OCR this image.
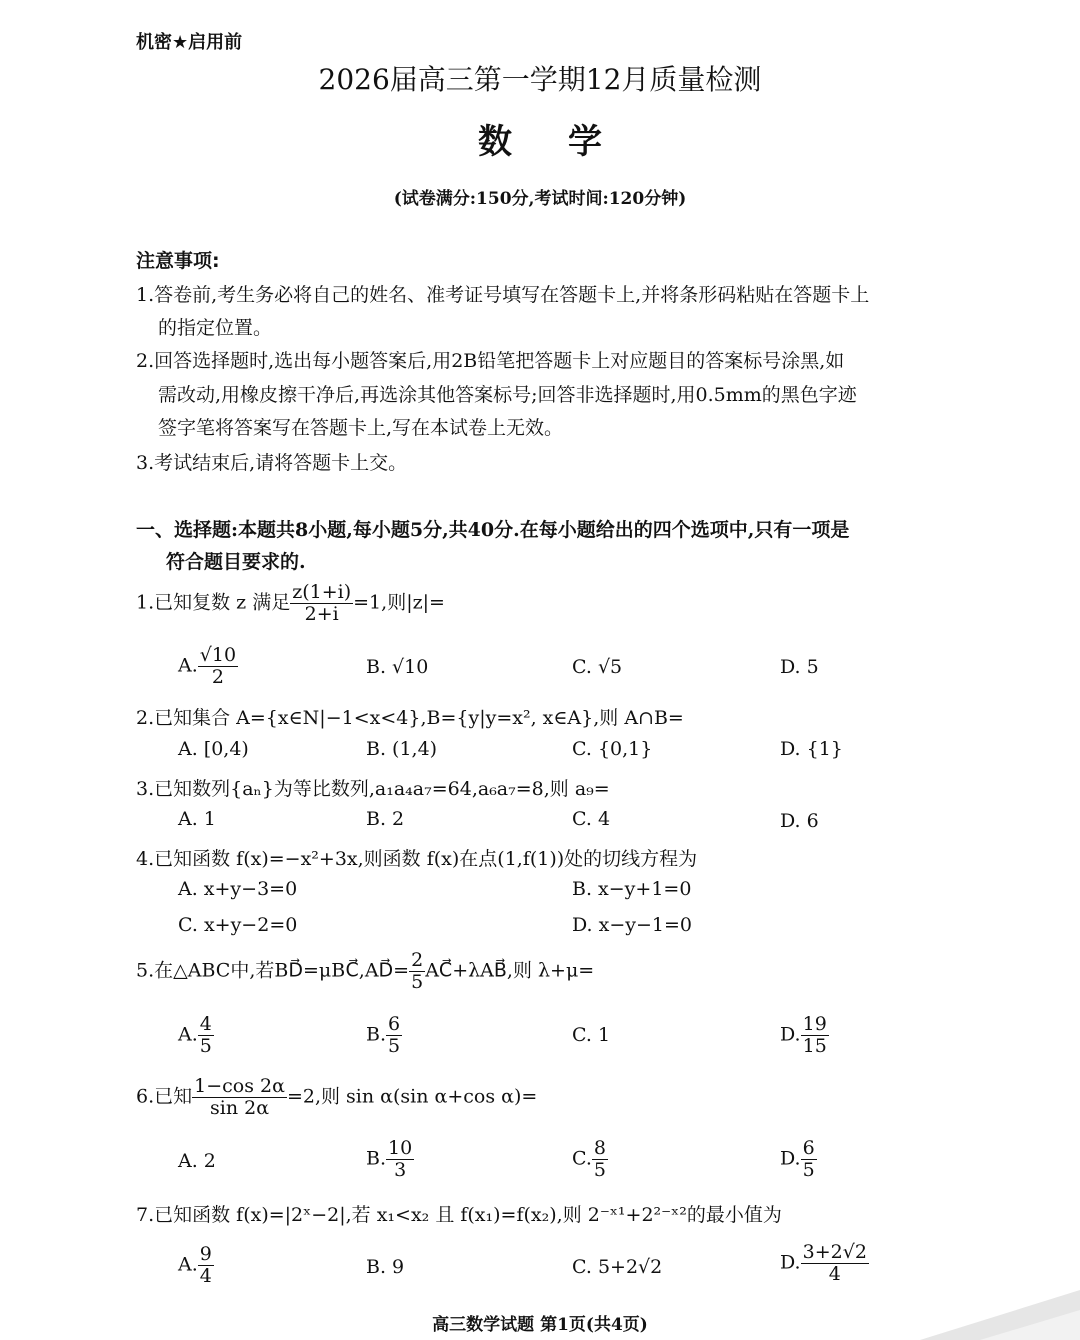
机密★启用前
2026届高三第一学期12月质量检测
数学
(试卷满分:150分,考试时间:120分钟)
注意事项:
1.答卷前,考生务必将自己的姓名、准考证号填写在答题卡上,并将条形码粘贴在答题卡上
的指定位置。
2.回答选择题时,选出每小题答案后,用2B铅笔把答题卡上对应题目的答案标号涂黑,如
需改动,用橡皮擦干净后,再选涂其他答案标号;回答非选择题时,用0.5mm的黑色字迹
签字笔将答案写在答题卡上,写在本试卷上无效。
3.考试结束后,请将答题卡上交。
一、选择题:本题共8小题,每小题5分,共40分.在每小题给出的四个选项中,只有一项是
符合题目要求的.
1.已知复数 z 满足 $\frac{z(1+i)}{2+i} =1$,则|z|=
A. $\frac{√10}{2}$	B. √10	C. √5	D. 5
2.已知集合 A={x∈N|−1<x<4},B={y|y=x², x∈A},则 A∩B=
A. [0,4)	B. (1,4)	C. {0,1}	D. {1}
3.已知数列{aₙ}为等比数列,a₁a₄a₇=64,a₆a₇=8,则 a₉=
A. 1	B. 2	C. 4	D. 6
4.已知函数 f(x)=−x²+3x,则函数 f(x)在点(1,f(1))处的切线方程为
A. x+y−3=0	B. x−y+1=0
C. x+y−2=0	D. x−y−1=0
5.在△ABC中,若BD⃗=μBC⃗,AD⃗= $\frac{2}{5}$ AC⃗+λAB⃗,则 λ+μ=
A. $\frac{4}{5}$	B. $\frac{6}{5}$	C. 1	D. $\frac{19}{15}$
6.已知 $\frac{1-\cos 2\alpha}{\sin 2\alpha} =2$,则 sin α(sin α+cos α)=
A. 2	B. $\frac{10}{3}$	C. $\frac{8}{5}$	D. $\frac{6}{5}$
7.已知函数 f(x)=|2ˣ−2|,若 x₁<x₂ 且 f(x₁)=f(x₂),则 2⁻ˣ¹+2²⁻ˣ²的最小值为
A. $\frac{9}{4}$	B. 9	C. 5+2√2	D. $\frac{3+2√2}{4}$
高三数学试题 第1页(共4页)
